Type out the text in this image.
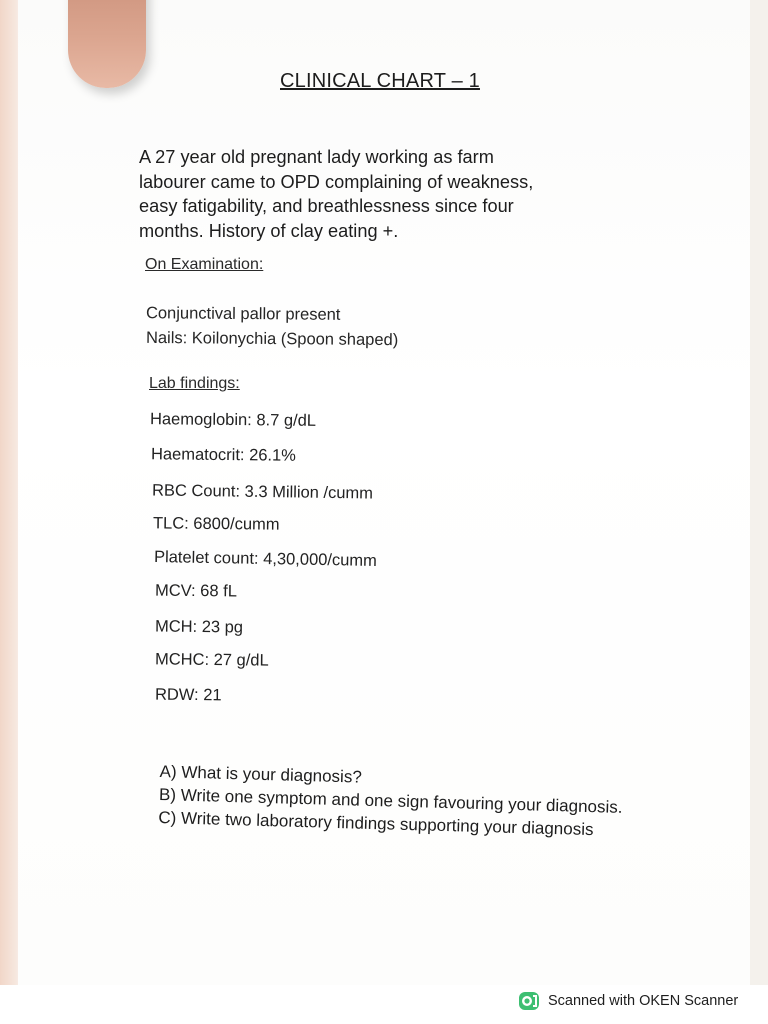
CLINICAL CHART – 1

A 27 year old pregnant lady working as farm
labourer came to OPD complaining of weakness,
easy fatigability, and breathlessness since four
months. History of clay eating +.

On Examination:
Conjunctival pallor present
Nails: Koilonychia (Spoon shaped)
Lab findings:
Haemoglobin: 8.7 g/dL
Haematocrit: 26.1%
RBC Count: 3.3 Million /cumm
TLC: 6800/cumm
Platelet count: 4,30,000/cumm
MCV: 68 fL
MCH: 23 pg
MCHC: 27 g/dL
RDW: 21
A) What is your diagnosis?
B) Write one symptom and one sign favouring your diagnosis.
C) Write two laboratory findings supporting your diagnosis
Scanned with OKEN Scanner
